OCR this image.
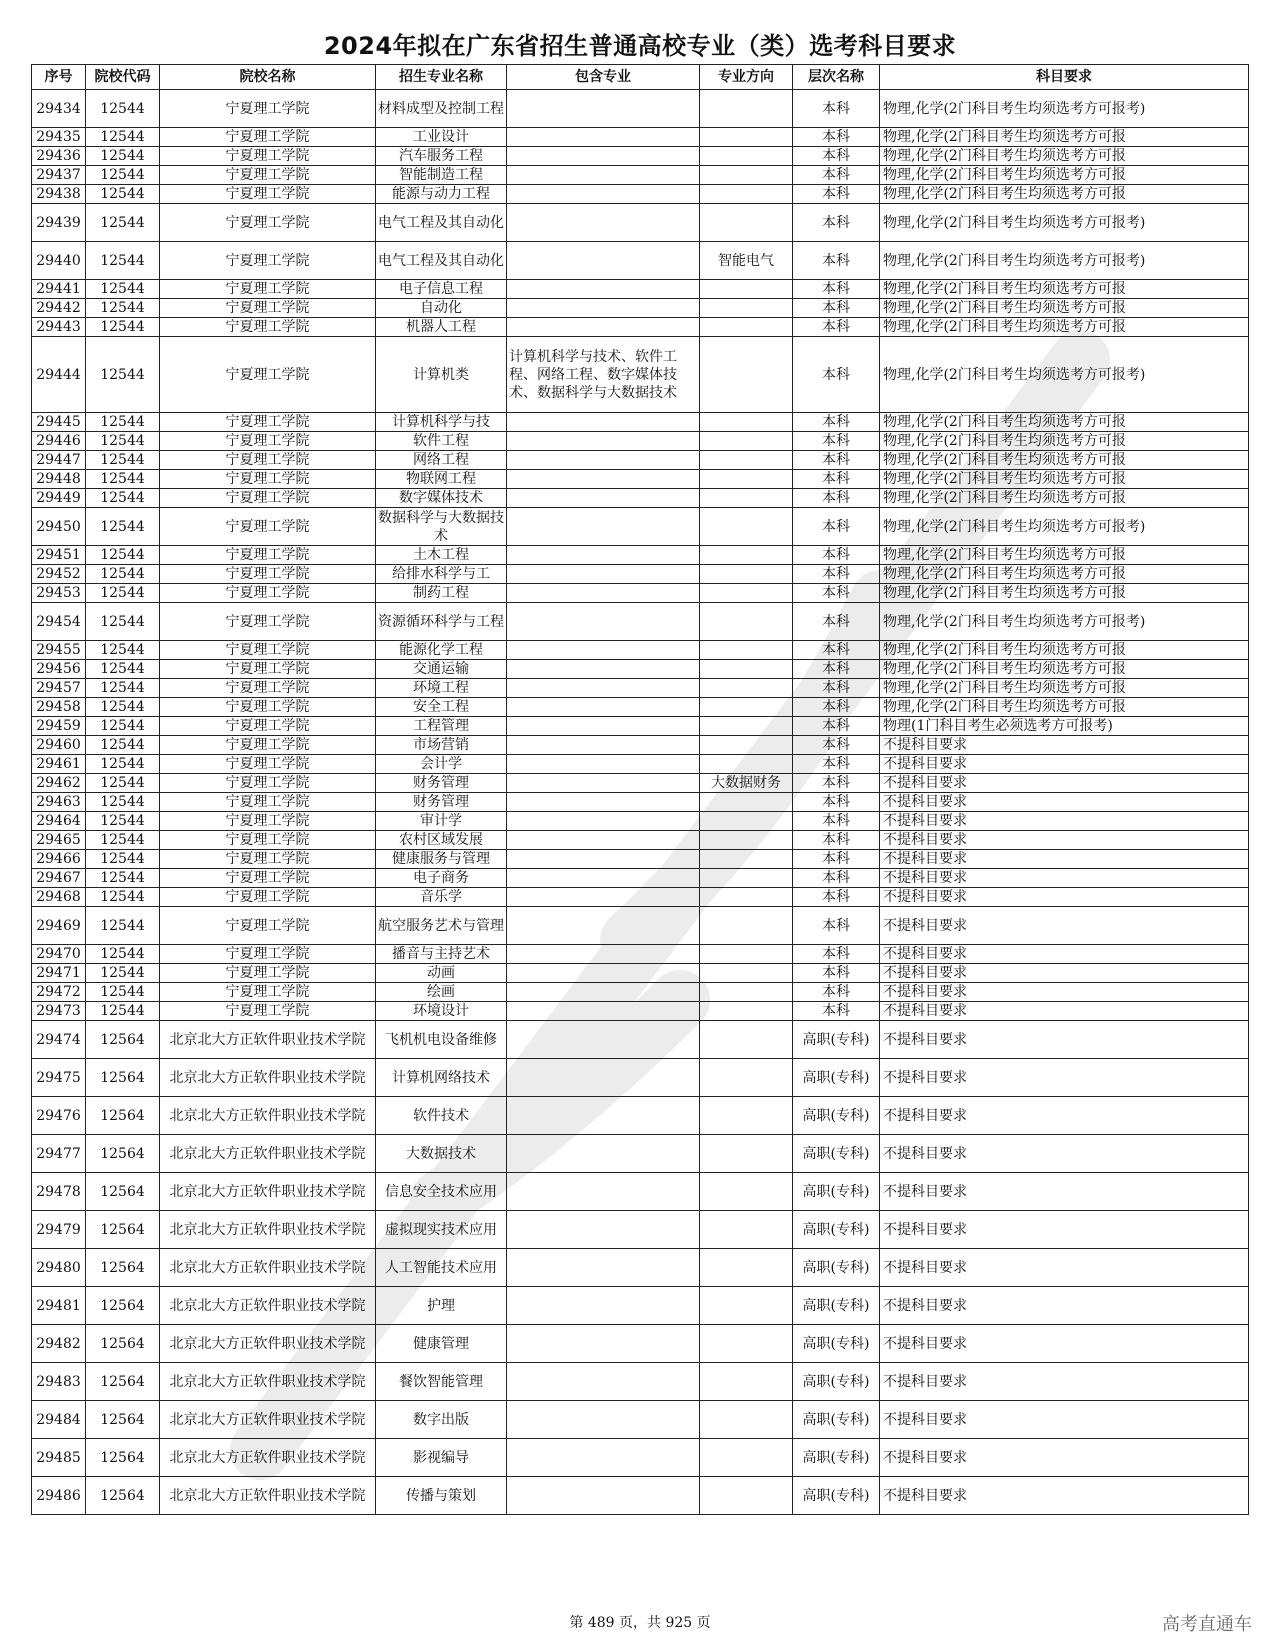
2024年拟在广东省招生普通高校专业（类）选考科目要求
序号	院校代码	院校名称	招生专业名称	包含专业	专业方向	层次名称	科目要求
29434	12544	宁夏理工学院	材料成型及控制工程			本科	物理,化学(2门科目考生均须选考方可报考)
29435	12544	宁夏理工学院	工业设计			本科	物理,化学(2门科目考生均须选考方可报
29436	12544	宁夏理工学院	汽车服务工程			本科	物理,化学(2门科目考生均须选考方可报
29437	12544	宁夏理工学院	智能制造工程			本科	物理,化学(2门科目考生均须选考方可报
29438	12544	宁夏理工学院	能源与动力工程			本科	物理,化学(2门科目考生均须选考方可报
29439	12544	宁夏理工学院	电气工程及其自动化			本科	物理,化学(2门科目考生均须选考方可报考)
29440	12544	宁夏理工学院	电气工程及其自动化		智能电气	本科	物理,化学(2门科目考生均须选考方可报考)
29441	12544	宁夏理工学院	电子信息工程			本科	物理,化学(2门科目考生均须选考方可报
29442	12544	宁夏理工学院	自动化			本科	物理,化学(2门科目考生均须选考方可报
29443	12544	宁夏理工学院	机器人工程			本科	物理,化学(2门科目考生均须选考方可报
29444	12544	宁夏理工学院	计算机类	计算机科学与技术、软件工程、网络工程、数字媒体技术、数据科学与大数据技术		本科	物理,化学(2门科目考生均须选考方可报考)
29445	12544	宁夏理工学院	计算机科学与技			本科	物理,化学(2门科目考生均须选考方可报
29446	12544	宁夏理工学院	软件工程			本科	物理,化学(2门科目考生均须选考方可报
29447	12544	宁夏理工学院	网络工程			本科	物理,化学(2门科目考生均须选考方可报
29448	12544	宁夏理工学院	物联网工程			本科	物理,化学(2门科目考生均须选考方可报
29449	12544	宁夏理工学院	数字媒体技术			本科	物理,化学(2门科目考生均须选考方可报
29450	12544	宁夏理工学院	数据科学与大数据技术			本科	物理,化学(2门科目考生均须选考方可报考)
29451	12544	宁夏理工学院	土木工程			本科	物理,化学(2门科目考生均须选考方可报
29452	12544	宁夏理工学院	给排水科学与工			本科	物理,化学(2门科目考生均须选考方可报
29453	12544	宁夏理工学院	制药工程			本科	物理,化学(2门科目考生均须选考方可报
29454	12544	宁夏理工学院	资源循环科学与工程			本科	物理,化学(2门科目考生均须选考方可报考)
29455	12544	宁夏理工学院	能源化学工程			本科	物理,化学(2门科目考生均须选考方可报
29456	12544	宁夏理工学院	交通运输			本科	物理,化学(2门科目考生均须选考方可报
29457	12544	宁夏理工学院	环境工程			本科	物理,化学(2门科目考生均须选考方可报
29458	12544	宁夏理工学院	安全工程			本科	物理,化学(2门科目考生均须选考方可报
29459	12544	宁夏理工学院	工程管理			本科	物理(1门科目考生必须选考方可报考)
29460	12544	宁夏理工学院	市场营销			本科	不提科目要求
29461	12544	宁夏理工学院	会计学			本科	不提科目要求
29462	12544	宁夏理工学院	财务管理		大数据财务	本科	不提科目要求
29463	12544	宁夏理工学院	财务管理			本科	不提科目要求
29464	12544	宁夏理工学院	审计学			本科	不提科目要求
29465	12544	宁夏理工学院	农村区域发展			本科	不提科目要求
29466	12544	宁夏理工学院	健康服务与管理			本科	不提科目要求
29467	12544	宁夏理工学院	电子商务			本科	不提科目要求
29468	12544	宁夏理工学院	音乐学			本科	不提科目要求
29469	12544	宁夏理工学院	航空服务艺术与管理			本科	不提科目要求
29470	12544	宁夏理工学院	播音与主持艺术			本科	不提科目要求
29471	12544	宁夏理工学院	动画			本科	不提科目要求
29472	12544	宁夏理工学院	绘画			本科	不提科目要求
29473	12544	宁夏理工学院	环境设计			本科	不提科目要求
29474	12564	北京北大方正软件职业技术学院	飞机机电设备维修			高职(专科)	不提科目要求
29475	12564	北京北大方正软件职业技术学院	计算机网络技术			高职(专科)	不提科目要求
29476	12564	北京北大方正软件职业技术学院	软件技术			高职(专科)	不提科目要求
29477	12564	北京北大方正软件职业技术学院	大数据技术			高职(专科)	不提科目要求
29478	12564	北京北大方正软件职业技术学院	信息安全技术应用			高职(专科)	不提科目要求
29479	12564	北京北大方正软件职业技术学院	虚拟现实技术应用			高职(专科)	不提科目要求
29480	12564	北京北大方正软件职业技术学院	人工智能技术应用			高职(专科)	不提科目要求
29481	12564	北京北大方正软件职业技术学院	护理			高职(专科)	不提科目要求
29482	12564	北京北大方正软件职业技术学院	健康管理			高职(专科)	不提科目要求
29483	12564	北京北大方正软件职业技术学院	餐饮智能管理			高职(专科)	不提科目要求
29484	12564	北京北大方正软件职业技术学院	数字出版			高职(专科)	不提科目要求
29485	12564	北京北大方正软件职业技术学院	影视编导			高职(专科)	不提科目要求
29486	12564	北京北大方正软件职业技术学院	传播与策划			高职(专科)	不提科目要求
第 489 页，共 925 页	高考直通车
